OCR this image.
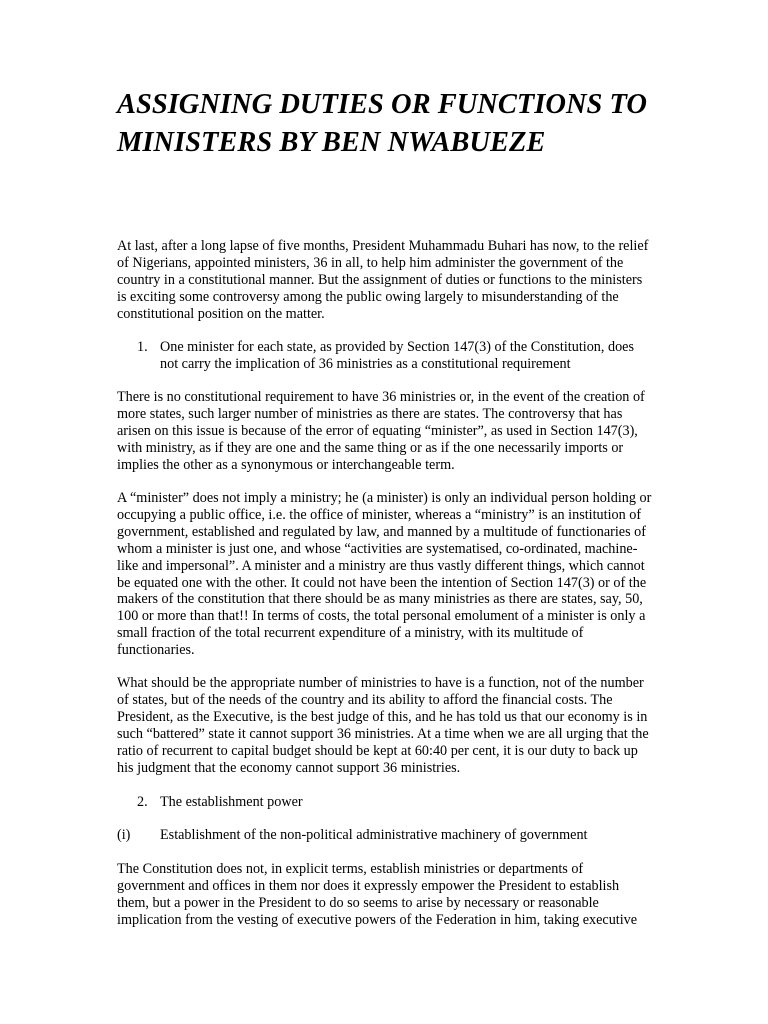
ASSIGNING DUTIES OR FUNCTIONS TO MINISTERS BY BEN NWABUEZE

At last, after a long lapse of five months, President Muhammadu Buhari has now, to the relief of Nigerians, appointed ministers, 36 in all, to help him administer the government of the country in a constitutional manner. But the assignment of duties or functions to the ministers is exciting some controversy among the public owing largely to misunderstanding of the constitutional position on the matter.

1. One minister for each state, as provided by Section 147(3) of the Constitution, does not carry the implication of 36 ministries as a constitutional requirement

There is no constitutional requirement to have 36 ministries or, in the event of the creation of more states, such larger number of ministries as there are states. The controversy that has arisen on this issue is because of the error of equating “minister”, as used in Section 147(3), with ministry, as if they are one and the same thing or as if the one necessarily imports or implies the other as a synonymous or interchangeable term.

A “minister” does not imply a ministry; he (a minister) is only an individual person holding or occupying a public office, i.e. the office of minister, whereas a “ministry” is an institution of government, established and regulated by law, and manned by a multitude of functionaries of whom a minister is just one, and whose “activities are systematised, co-ordinated, machine-like and impersonal”. A minister and a ministry are thus vastly different things, which cannot be equated one with the other. It could not have been the intention of Section 147(3) or of the makers of the constitution that there should be as many ministries as there are states, say, 50, 100 or more than that!! In terms of costs, the total personal emolument of a minister is only a small fraction of the total recurrent expenditure of a ministry, with its multitude of functionaries.

What should be the appropriate number of ministries to have is a function, not of the number of states, but of the needs of the country and its ability to afford the financial costs. The President, as the Executive, is the best judge of this, and he has told us that our economy is in such “battered” state it cannot support 36 ministries. At a time when we are all urging that the ratio of recurrent to capital budget should be kept at 60:40 per cent, it is our duty to back up his judgment that the economy cannot support 36 ministries.

2. The establishment power

(i) Establishment of the non-political administrative machinery of government

The Constitution does not, in explicit terms, establish ministries or departments of government and offices in them nor does it expressly empower the President to establish them, but a power in the President to do so seems to arise by necessary or reasonable implication from the vesting of executive powers of the Federation in him, taking executive
